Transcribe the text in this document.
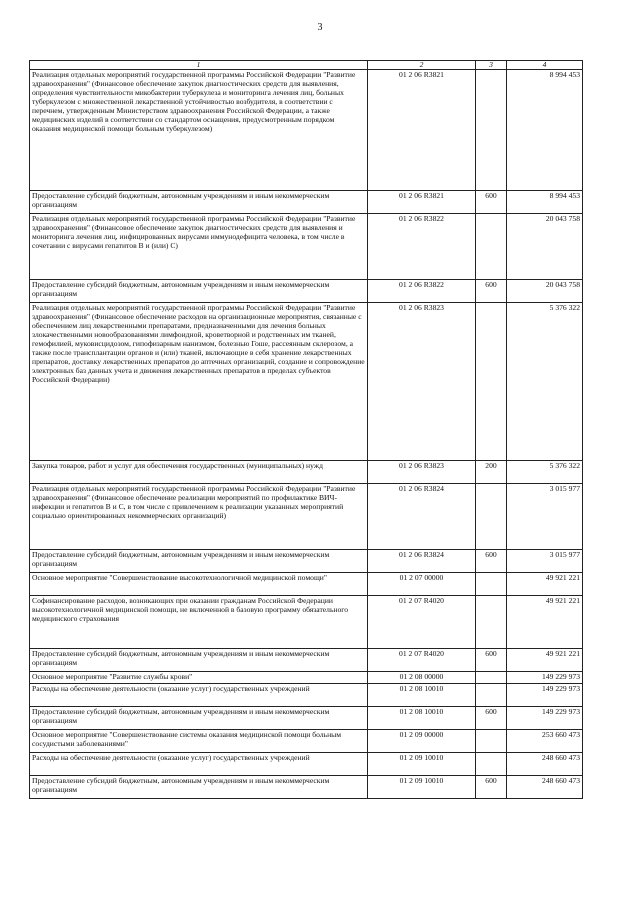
3
1	2	3	4
Реализация отдельных мероприятий государственной программы Российской Федерации "Развитие здравоохранения" (Финансовое обеспечение закупок диагностических средств для выявления, определения чувствительности микобактерии туберкулеза и мониторинга лечения лиц, больных туберкулезом с множественной лекарственной устойчивостью возбудителя, в соответствии с перечнем, утвержденным Министерством здравоохранения Российской Федерации, а также медицинских изделий в соответствии со стандартом оснащения, предусмотренным порядком оказания медицинской помощи больным туберкулезом)	01 2 06 R3821		8 994 453
Предоставление субсидий бюджетным, автономным учреждениям и иным некоммерческим организациям	01 2 06 R3821	600	8 994 453
Реализация отдельных мероприятий государственной программы Российской Федерации "Развитие здравоохранения" (Финансовое обеспечение закупок диагностических средств для выявления и мониторинга лечения лиц, инфицированных вирусами иммунодефицита человека, в том числе в сочетании с вирусами гепатитов В и (или) С)	01 2 06 R3822		20 043 758
Предоставление субсидий бюджетным, автономным учреждениям и иным некоммерческим организациям	01 2 06 R3822	600	20 043 758
Реализация отдельных мероприятий государственной программы Российской Федерации "Развитие здравоохранения" (Финансовое обеспечение расходов на организационные мероприятия, связанные с обеспечением лиц лекарственными препаратами, предназначенными для лечения больных злокачественными новообразованиями лимфоидной, кроветворной и родственных им тканей, гемофилией, муковисцидозом, гипофизарным нанизмом, болезнью Гоше, рассеянным склерозом, а также после трансплантации органов и (или) тканей, включающие в себя хранение лекарственных препаратов, доставку лекарственных препаратов до аптечных организаций, создание и сопровождение электронных баз данных учета и движения лекарственных препаратов в пределах субъектов Российской Федерации)	01 2 06 R3823		5 376 322
Закупка товаров, работ и услуг для обеспечения государственных (муниципальных) нужд	01 2 06 R3823	200	5 376 322
Реализация отдельных мероприятий государственной программы Российской Федерации "Развитие здравоохранения" (Финансовое обеспечение реализации мероприятий по профилактике ВИЧ-инфекции и гепатитов В и С, в том числе с привлечением к реализации указанных мероприятий социально ориентированных некоммерческих организаций)	01 2 06 R3824		3 015 977
Предоставление субсидий бюджетным, автономным учреждениям и иным некоммерческим организациям	01 2 06 R3824	600	3 015 977
Основное мероприятие "Совершенствование высокотехнологичной медицинской помощи"	01 2 07 00000		49 921 221
Софинансирование расходов, возникающих при оказании гражданам Российской Федерации высокотехнологичной медицинской помощи, не включенной в базовую программу обязательного медицинского страхования	01 2 07 R4020		49 921 221
Предоставление субсидий бюджетным, автономным учреждениям и иным некоммерческим организациям	01 2 07 R4020	600	49 921 221
Основное мероприятие "Развитие службы крови"	01 2 08 00000		149 229 973
Расходы на обеспечение деятельности (оказание услуг) государственных учреждений	01 2 08 10010		149 229 973
Предоставление субсидий бюджетным, автономным учреждениям и иным некоммерческим организациям	01 2 08 10010	600	149 229 973
Основное мероприятие "Совершенствование системы оказания медицинской помощи больным сосудистыми заболеваниями"	01 2 09 00000		253 660 473
Расходы на обеспечение деятельности (оказание услуг) государственных учреждений	01 2 09 10010		248 660 473
Предоставление субсидий бюджетным, автономным учреждениям и иным некоммерческим организациям	01 2 09 10010	600	248 660 473
